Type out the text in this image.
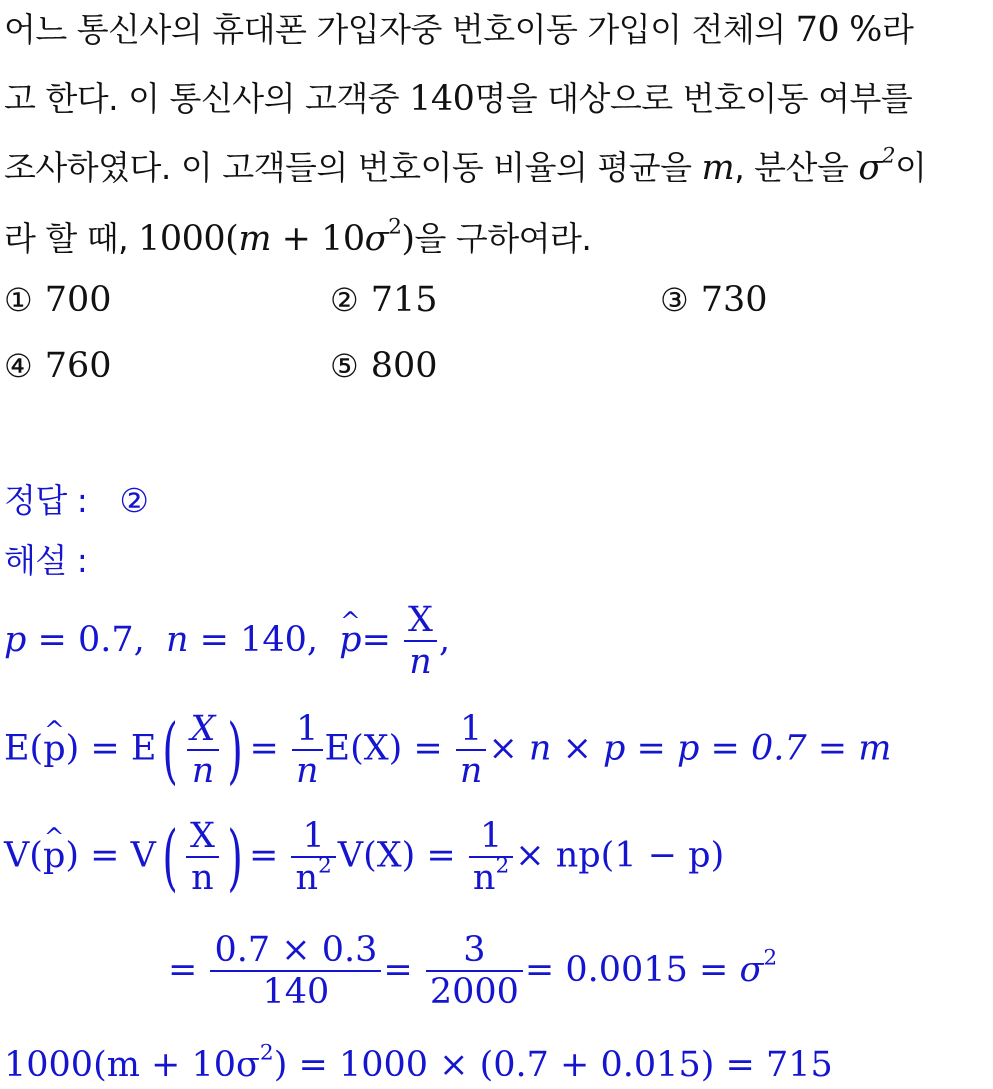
어느 통신사의 휴대폰 가입자중 번호이동 가입이 전체의 70 %라
고 한다. 이 통신사의 고객중 140명을 대상으로 번호이동 여부를
조사하였다. 이 고객들의 번호이동 비율의 평균을 m, 분산을 $\sigma^2$이
라 할 때, $1000(m + 10\sigma^2)$을 구하여라.
① 700	② 715	③ 730
④ 760	⑤ 800
정답 : ②
해설 :
p = 0.7, n = 140, ^ $p= \frac{X}{n}$ ,
E(^ $p) = E( \frac{X}{n}$ ) = $\frac{1}{n} E(X) = \frac{1}{n} \times n \times p = p = 0.7 = m$
V(^ $p) = V( \frac{X}{n}$ ) = $\frac{1}{n^2} V(X) = \frac{1}{n^2} \times np(1 - p)$
= $\frac{0.7 \times 0.3}{140} = \frac{3}{2000} = 0.0015 = \sigma^2$
$1000(m + 10\sigma^2) = 1000 \times (0.7 + 0.015) = 715$
